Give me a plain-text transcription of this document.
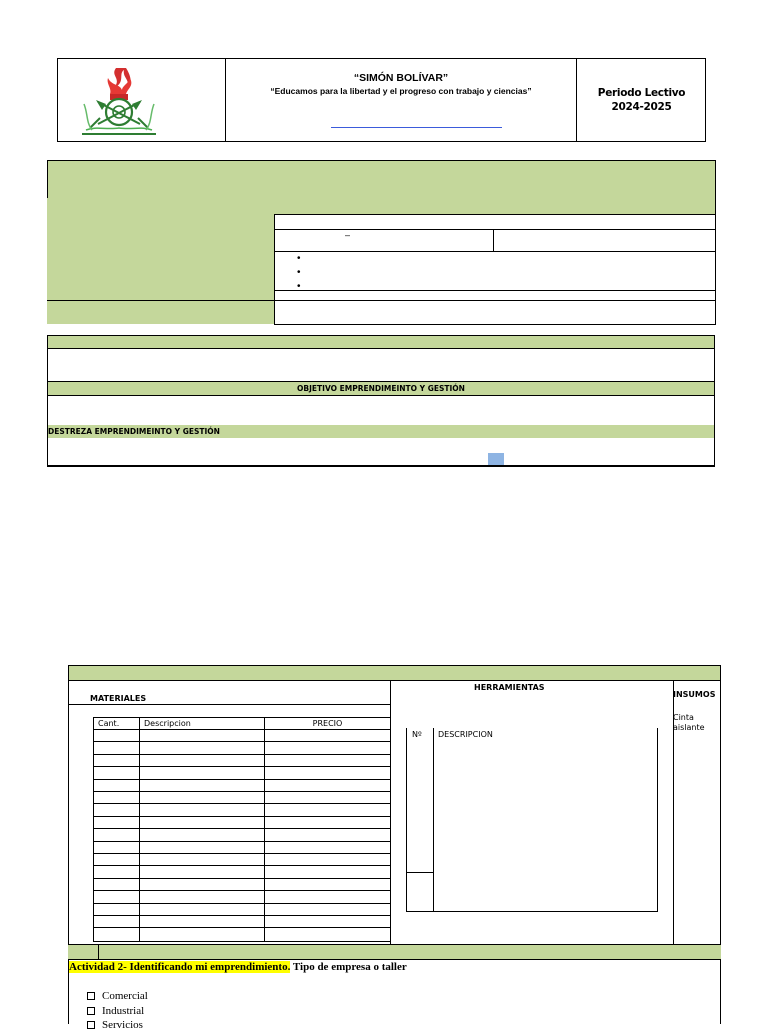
“SIMÓN BOLÍVAR”
“Educamos para la libertad y el progreso con trabajo y ciencias”	Periodo Lectivo
2024-2025
–
•
•
•
OBJETIVO EMPRENDIMEINTO Y GESTIÓN
DESTREZA EMPRENDIMEINTO Y GESTIÓN
MATERIALES
HERRAMIENTAS
INSUMOS
Cinta aislante
Cant.	Descripcion	PRECIO
Nº DESCRIPCION
Actividad 2- Identificando mi emprendimiento. Tipo de empresa o taller
Comercial
Industrial
Servicios
